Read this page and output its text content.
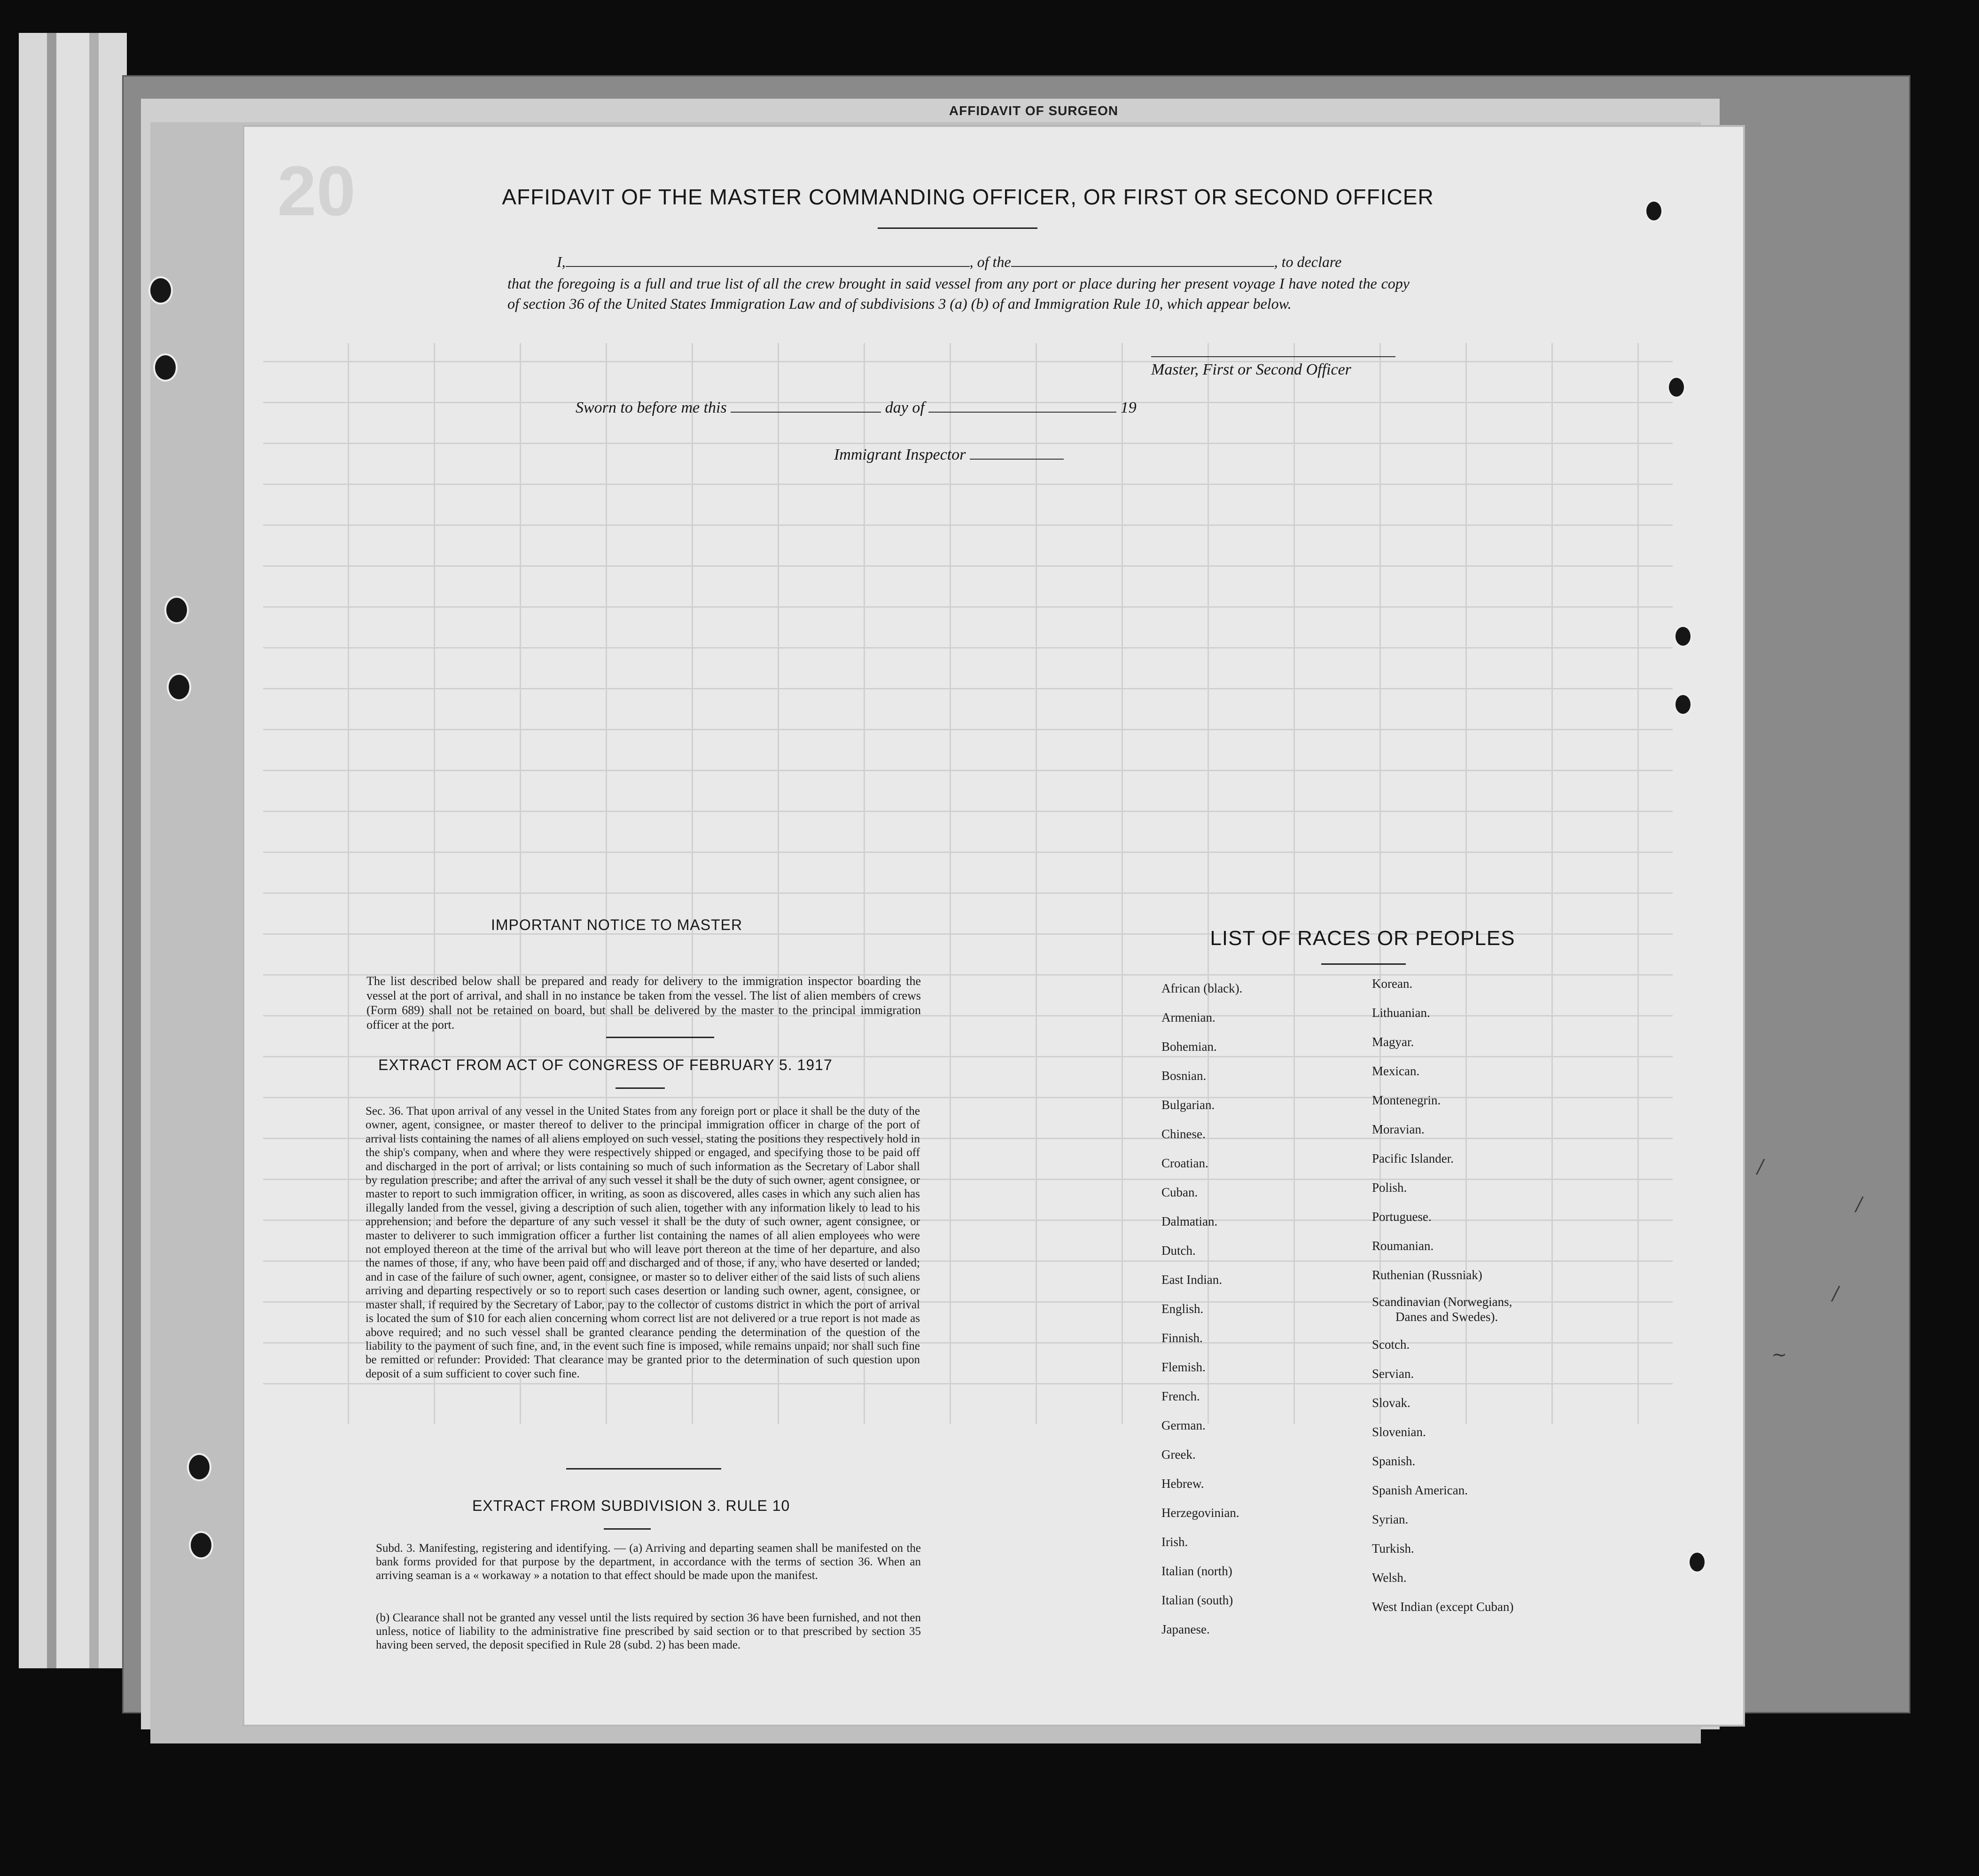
AFFIDAVIT OF SURGEON
20	AFFIDAVIT OF THE MASTER COMMANDING OFFICER, OR FIRST OR SECOND OFFICER
I,	, of the	, to declare
that the foregoing is a full and true list of all the crew brought in said vessel from any port or place during her present voyage I have noted the copy of section 36 of the United States Immigration Law and of subdivisions 3 (a) (b) of and Immigration Rule 10, which appear below.
Master, First or Second Officer
Sworn to before me this	day of	19
Immigrant Inspector
IMPORTANT NOTICE TO MASTER
The list described below shall be prepared and ready for delivery to the immigration inspector boarding the vessel at the port of arrival, and shall in no instance be taken from the vessel. The list of alien members of crews (Form 689) shall not be retained on board, but shall be delivered by the master to the principal immigration officer at the port.
EXTRACT FROM ACT OF CONGRESS OF FEBRUARY 5. 1917
Sec. 36. That upon arrival of any vessel in the United States from any foreign port or place it shall be the duty of the owner, agent, consignee, or master thereof to deliver to the principal immigration officer in charge of the port of arrival lists containing the names of all aliens employed on such vessel, stating the positions they respectively hold in the ship's company, when and where they were respectively shipped or engaged, and specifying those to be paid off and discharged in the port of arrival; or lists containing so much of such information as the Secretary of Labor shall by regulation prescribe; and after the arrival of any such vessel it shall be the duty of such owner, agent consignee, or master to report to such immigration officer, in writing, as soon as discovered, alles cases in which any such alien has illegally landed from the vessel, giving a description of such alien, together with any information likely to lead to his apprehension; and before the departure of any such vessel it shall be the duty of such owner, agent consignee, or master to deliverer to such immigration officer a further list containing the names of all alien employees who were not employed thereon at the time of the arrival but who will leave port thereon at the time of her departure, and also the names of those, if any, who have been paid off and discharged and of those, if any, who have deserted or landed; and in case of the failure of such owner, agent, consignee, or master so to deliver either of the said lists of such aliens arriving and departing respectively or so to report such cases desertion or landing such owner, agent, consignee, or master shall, if required by the Secretary of Labor, pay to the collector of customs district in which the port of arrival is located the sum of $10 for each alien concerning whom correct list are not delivered or a true report is not made as above required; and no such vessel shall be granted clearance pending the determination of the question of the liability to the payment of such fine, and, in the event such fine is imposed, while remains unpaid; nor shall such fine be remitted or refunder: Provided: That clearance may be granted prior to the determination of such question upon deposit of a sum sufficient to cover such fine.
EXTRACT FROM SUBDIVISION 3. RULE 10
Subd. 3. Manifesting, registering and identifying. — (a) Arriving and departing seamen shall be manifested on the bank forms provided for that purpose by the department, in accordance with the terms of section 36. When an arriving seaman is a « workaway » a notation to that effect should be made upon the manifest.
(b) Clearance shall not be granted any vessel until the lists required by section 36 have been furnished, and not then unless, notice of liability to the administrative fine prescribed by said section or to that prescribed by section 35 having been served, the deposit specified in Rule 28 (subd. 2) has been made.
LIST OF RACES OR PEOPLES
African (black).
Armenian.
Bohemian.
Bosnian.
Bulgarian.
Chinese.
Croatian.
Cuban.
Dalmatian.
Dutch.
East Indian.
English.
Finnish.
Flemish.
French.
German.
Greek.
Hebrew.
Herzegovinian.
Irish.
Italian (north)
Italian (south)
Japanese.
Korean.
Lithuanian.
Magyar.
Mexican.
Montenegrin.
Moravian.
Pacific Islander.
Polish.
Portuguese.
Roumanian.
Ruthenian (Russniak)
Scandinavian (Norwegians,
Danes and Swedes).
Scotch.
Servian.
Slovak.
Slovenian.
Spanish.
Spanish American.
Syrian.
Turkish.
Welsh.
West Indian (except Cuban)
/
/
/
~
